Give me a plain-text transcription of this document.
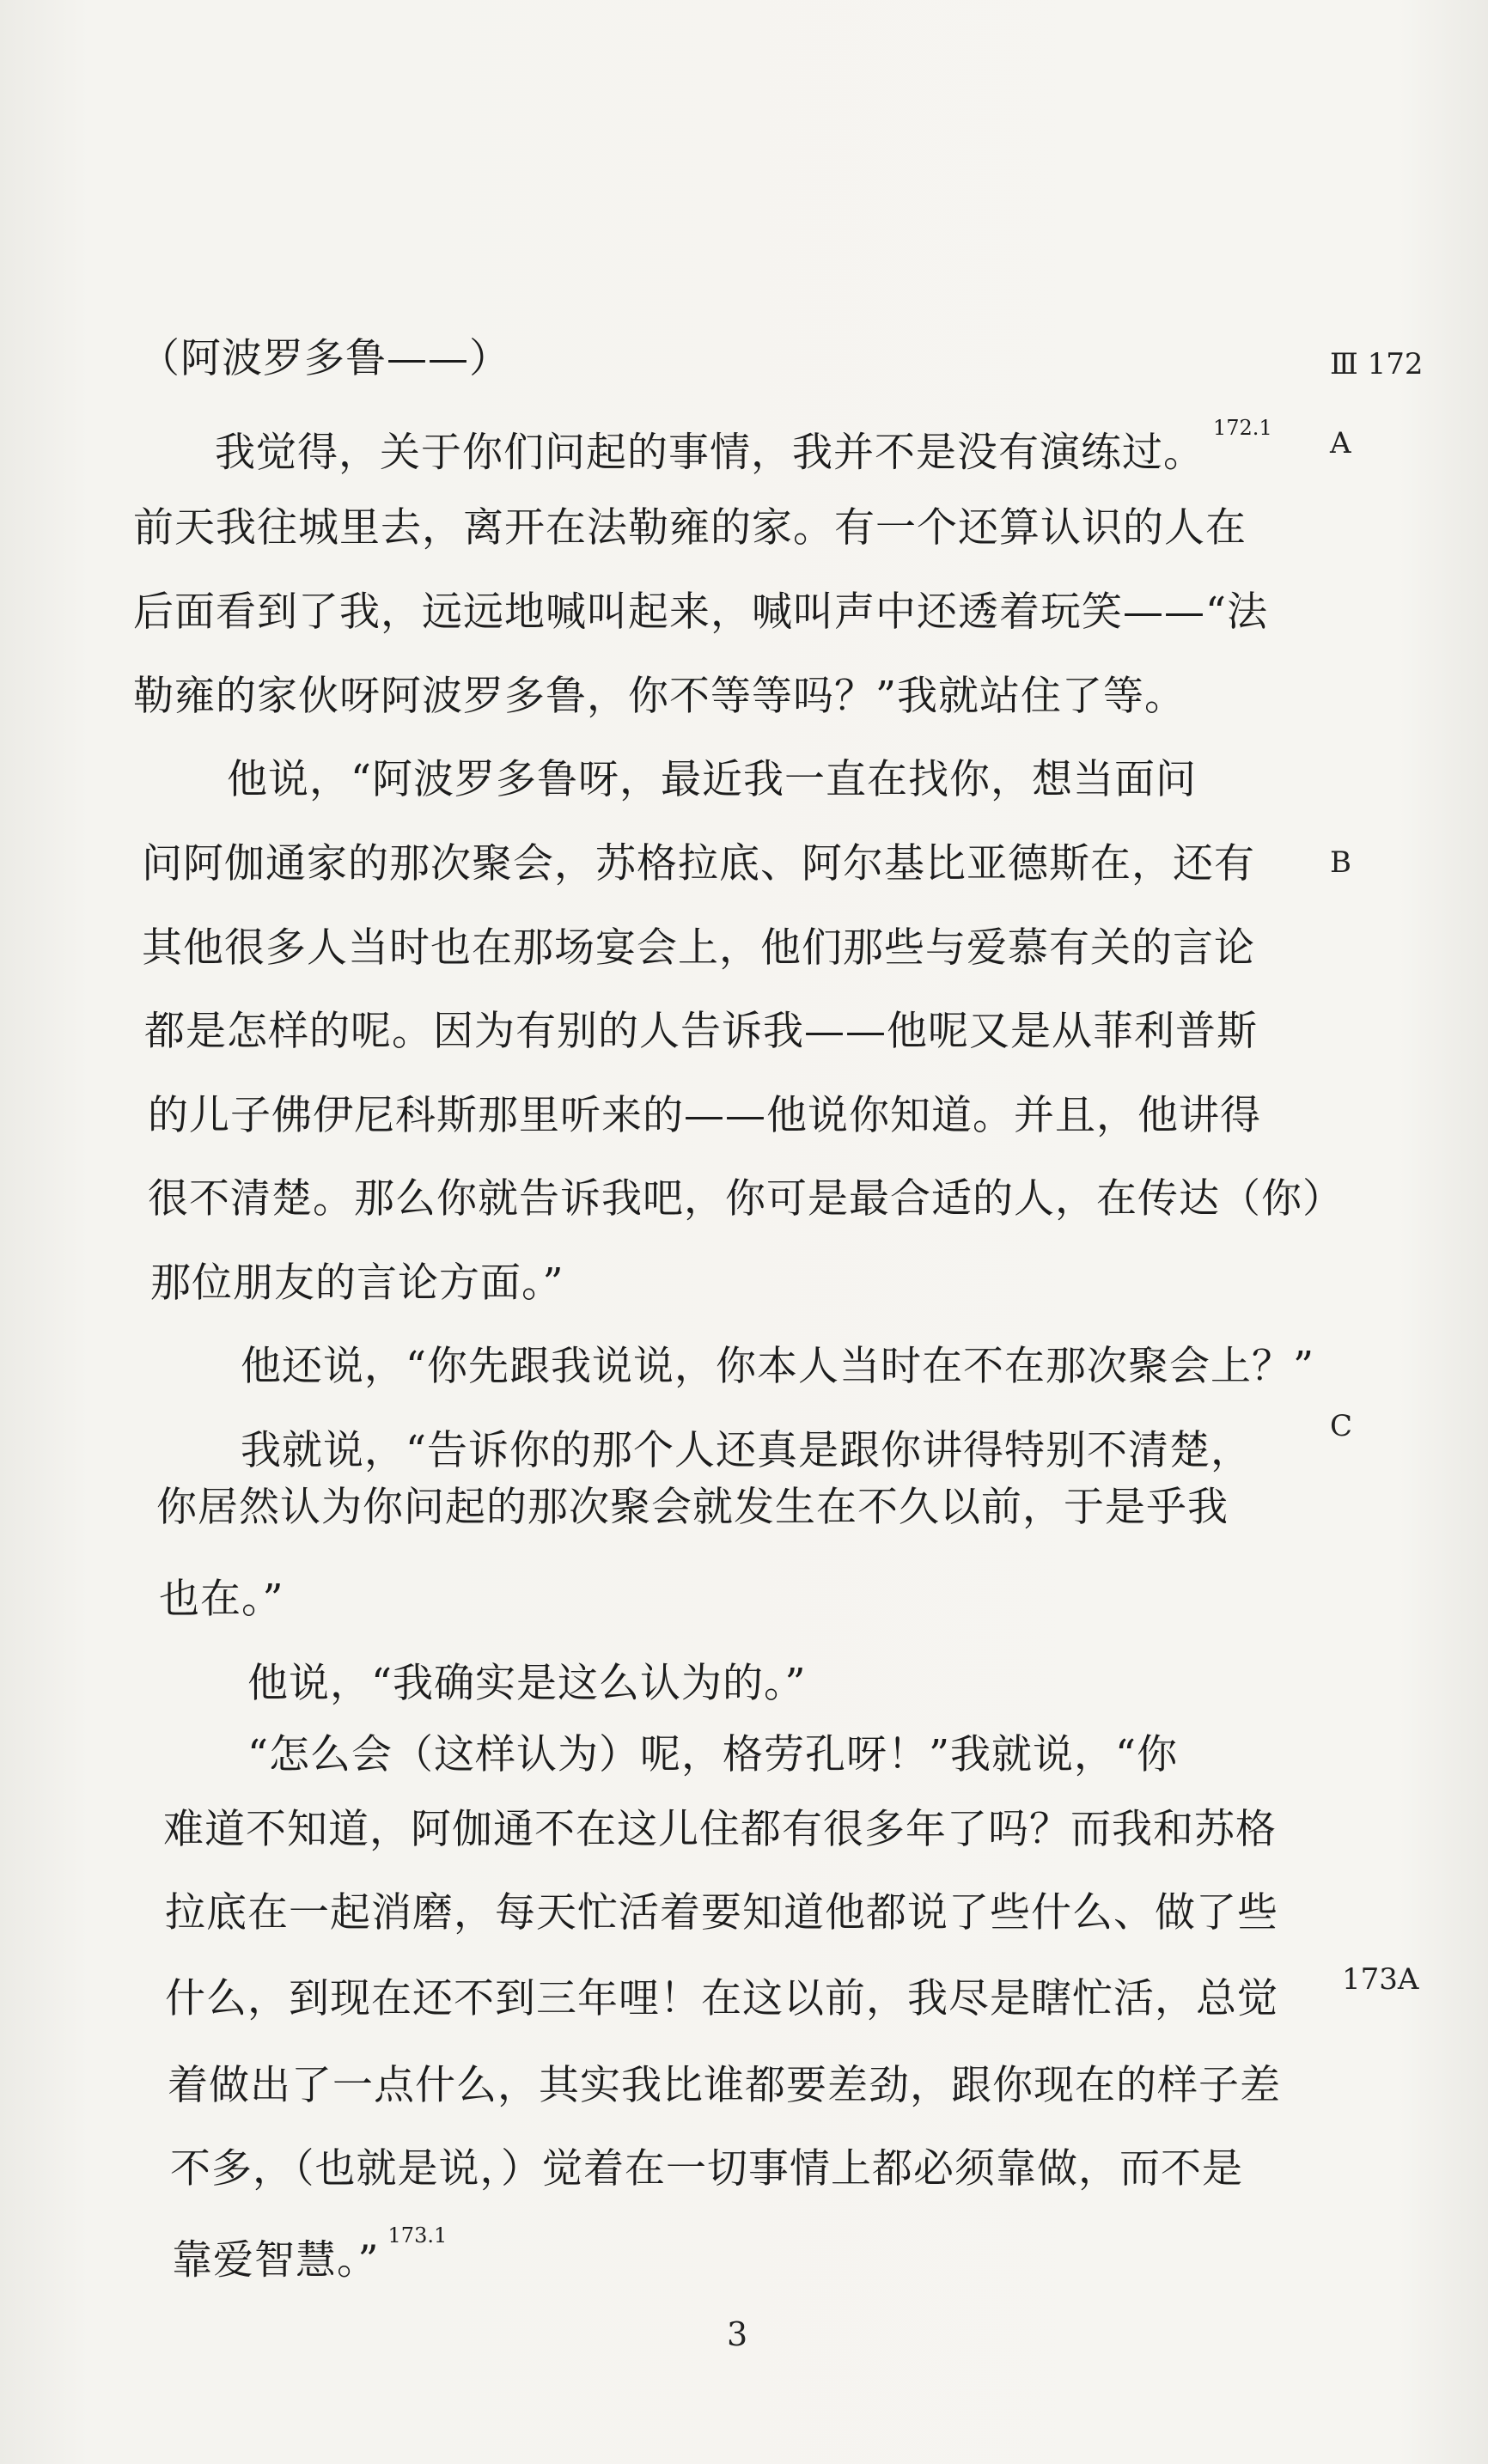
（阿波罗多鲁——）	Ⅲ 172
我觉得，关于你们问起的事情，我并不是没有演练过。$^{172.1}$	A
前天我往城里去，离开在法勒雍的家。有一个还算认识的人在
后面看到了我，远远地喊叫起来，喊叫声中还透着玩笑——“法
勒雍的家伙呀阿波罗多鲁，你不等等吗？”我就站住了等。
他说，“阿波罗多鲁呀，最近我一直在找你，想当面问
问阿伽通家的那次聚会，苏格拉底、阿尔基比亚德斯在，还有	B
其他很多人当时也在那场宴会上，他们那些与爱慕有关的言论
都是怎样的呢。因为有别的人告诉我——他呢又是从菲利普斯
的儿子佛伊尼科斯那里听来的——他说你知道。并且，他讲得
很不清楚。那么你就告诉我吧，你可是最合适的人，在传达（你）
那位朋友的言论方面。”
他还说，“你先跟我说说，你本人当时在不在那次聚会上？”
我就说，“告诉你的那个人还真是跟你讲得特别不清楚，
C
你居然认为你问起的那次聚会就发生在不久以前，于是乎我
也在。”
他说，“我确实是这么认为的。”
“怎么会（这样认为）呢，格劳孔呀！”我就说，“你
难道不知道，阿伽通不在这儿住都有很多年了吗？而我和苏格
拉底在一起消磨，每天忙活着要知道他都说了些什么、做了些
什么，到现在还不到三年哩！在这以前，我尽是瞎忙活，总觉	173A
着做出了一点什么，其实我比谁都要差劲，跟你现在的样子差
不多，（也就是说，）觉着在一切事情上都必须靠做，而不是
靠爱智慧。”$^{173.1}$
3
